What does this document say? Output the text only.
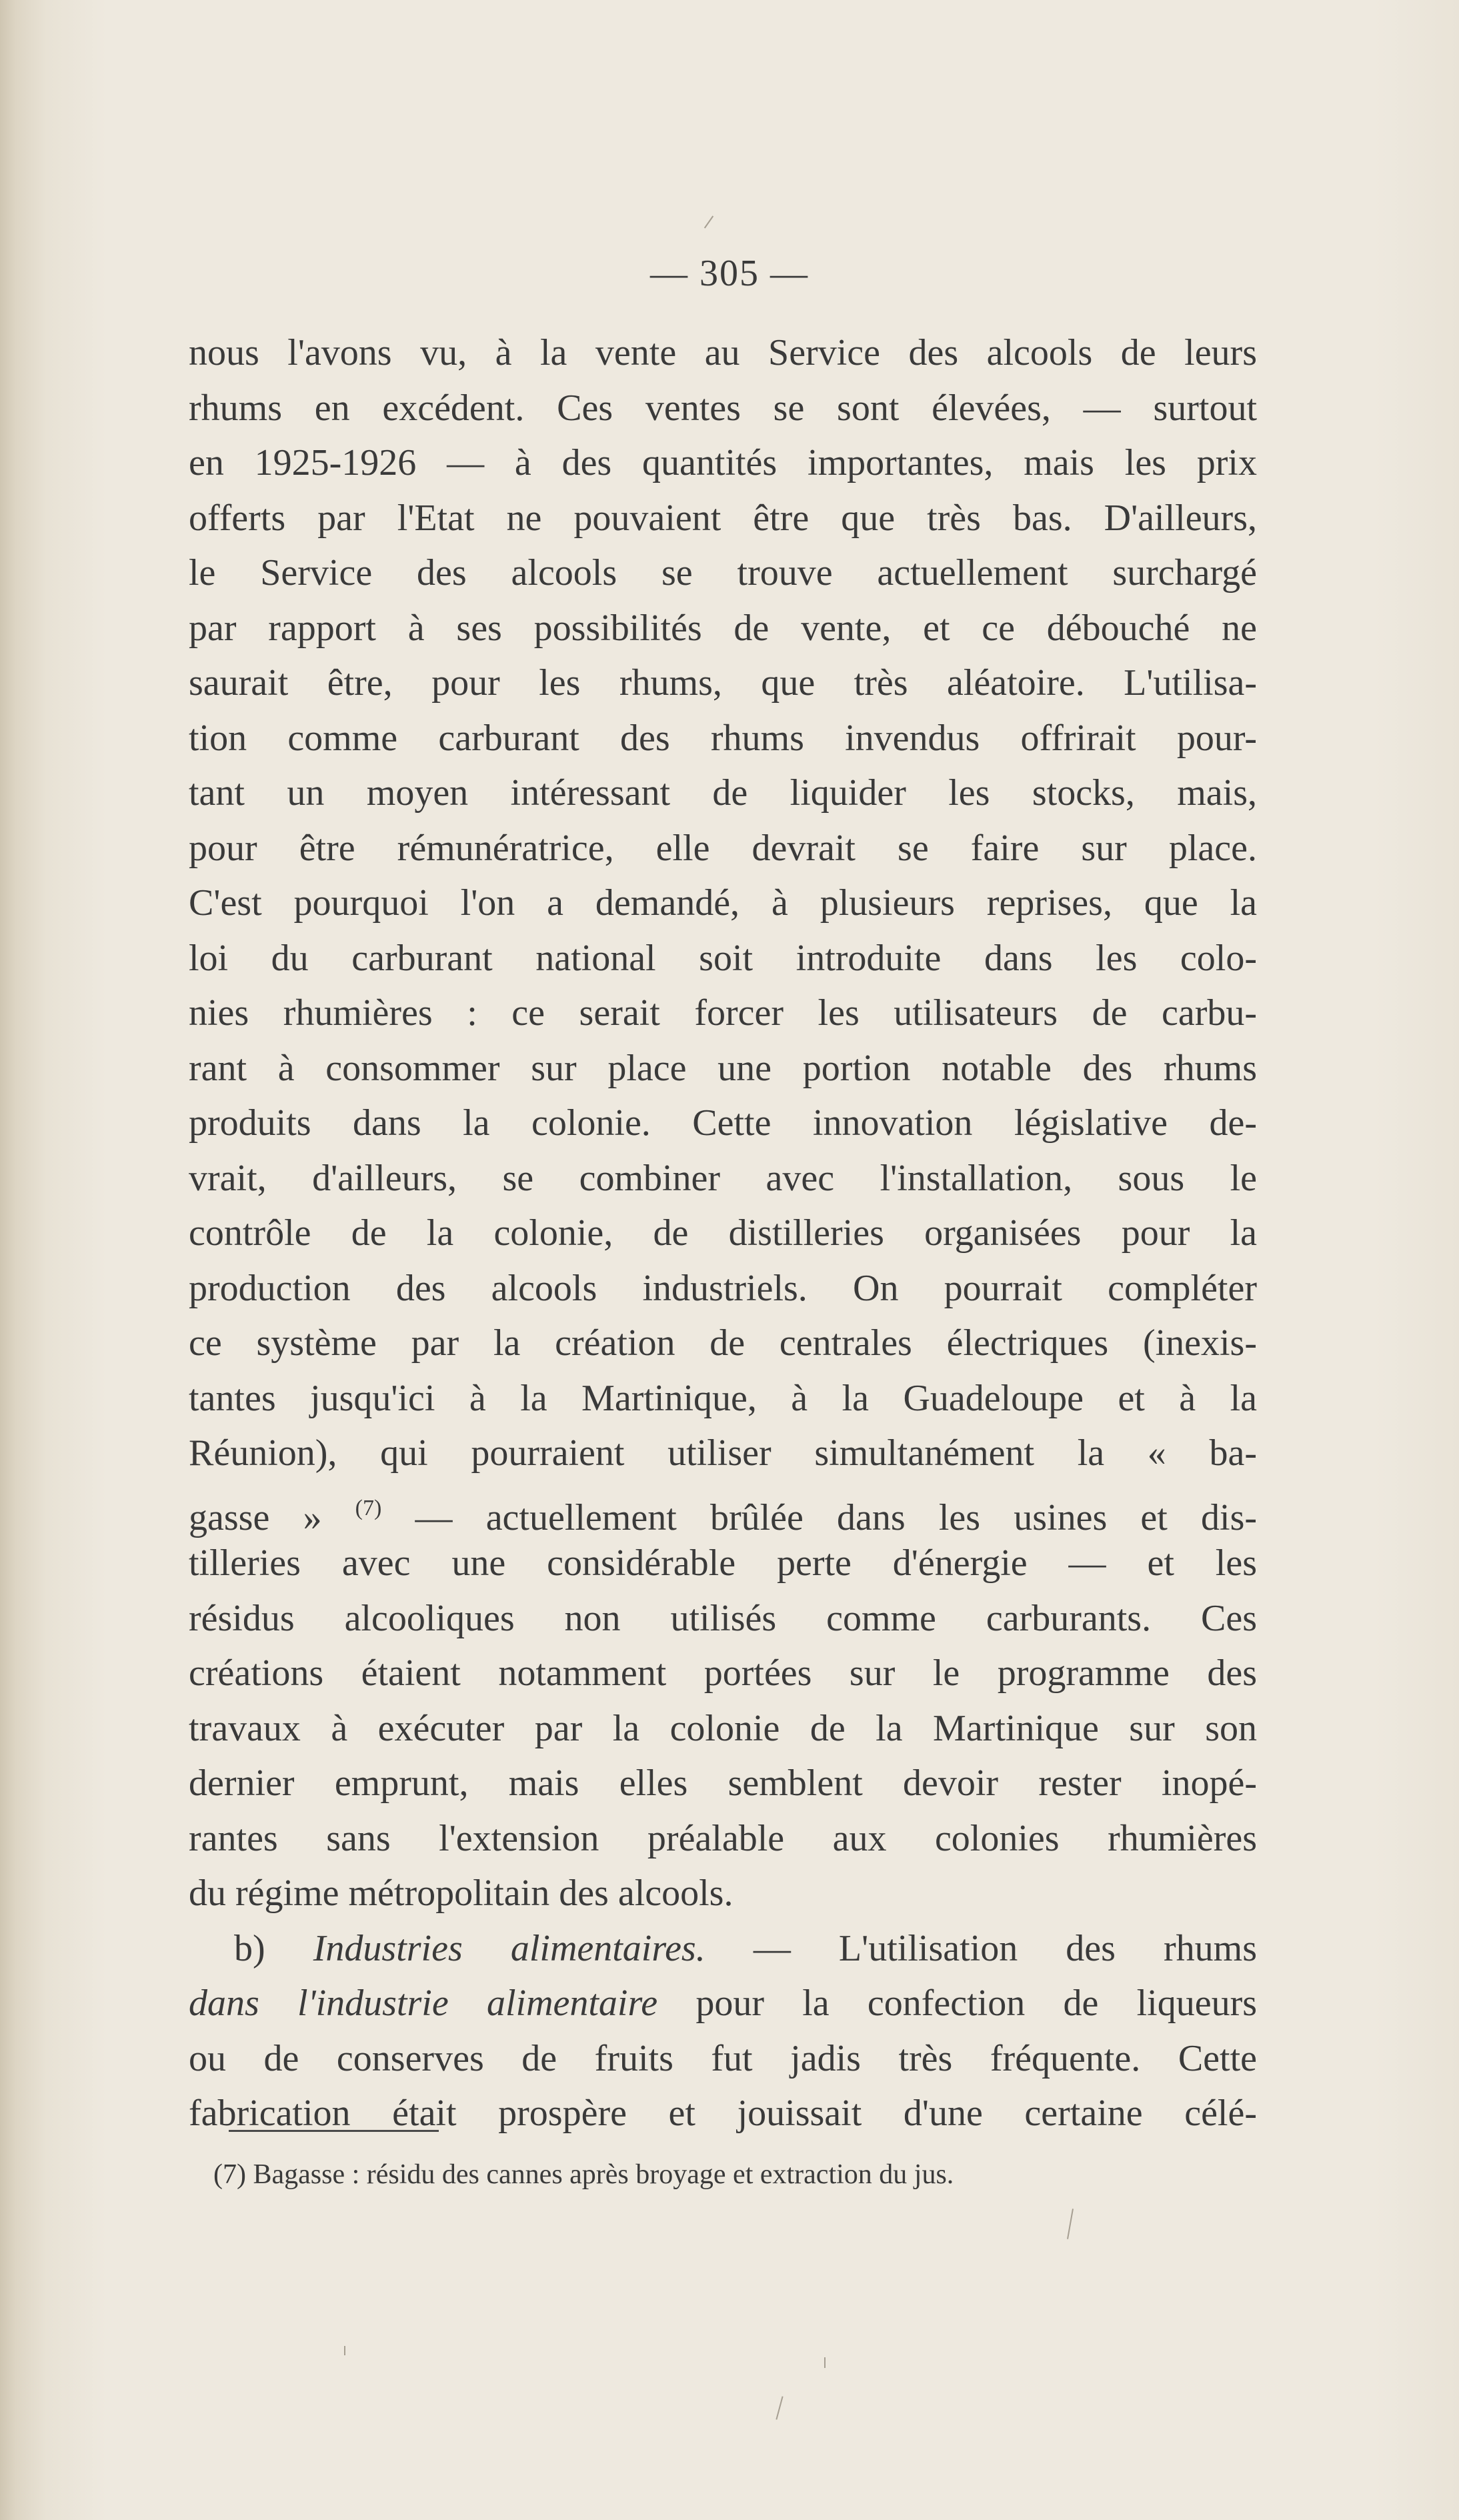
— 305 —
nous l'avons vu, à la vente au Service des alcools de leurs
rhums en excédent. Ces ventes se sont élevées, — surtout
en 1925-1926 — à des quantités importantes, mais les prix
offerts par l'Etat ne pouvaient être que très bas. D'ailleurs,
le Service des alcools se trouve actuellement surchargé
par rapport à ses possibilités de vente, et ce débouché ne
saurait être, pour les rhums, que très aléatoire. L'utilisa-
tion comme carburant des rhums invendus offrirait pour-
tant un moyen intéressant de liquider les stocks, mais,
pour être rémunératrice, elle devrait se faire sur place.
C'est pourquoi l'on a demandé, à plusieurs reprises, que la
loi du carburant national soit introduite dans les colo-
nies rhumières : ce serait forcer les utilisateurs de carbu-
rant à consommer sur place une portion notable des rhums
produits dans la colonie. Cette innovation législative de-
vrait, d'ailleurs, se combiner avec l'installation, sous le
contrôle de la colonie, de distilleries organisées pour la
production des alcools industriels. On pourrait compléter
ce système par la création de centrales électriques (inexis-
tantes jusqu'ici à la Martinique, à la Guadeloupe et à la
Réunion), qui pourraient utiliser simultanément la « ba-
gasse » $^{(7)}$ — actuellement brûlée dans les usines et dis-
tilleries avec une considérable perte d'énergie — et les
résidus alcooliques non utilisés comme carburants. Ces
créations étaient notamment portées sur le programme des
travaux à exécuter par la colonie de la Martinique sur son
dernier emprunt, mais elles semblent devoir rester inopé-
rantes sans l'extension préalable aux colonies rhumières
du régime métropolitain des alcools.
b) Industries alimentaires. — L'utilisation des rhums
dans l'industrie alimentaire pour la confection de liqueurs
ou de conserves de fruits fut jadis très fréquente. Cette
fabrication était prospère et jouissait d'une certaine célé-
(7) Bagasse : résidu des cannes après broyage et extraction du jus.
